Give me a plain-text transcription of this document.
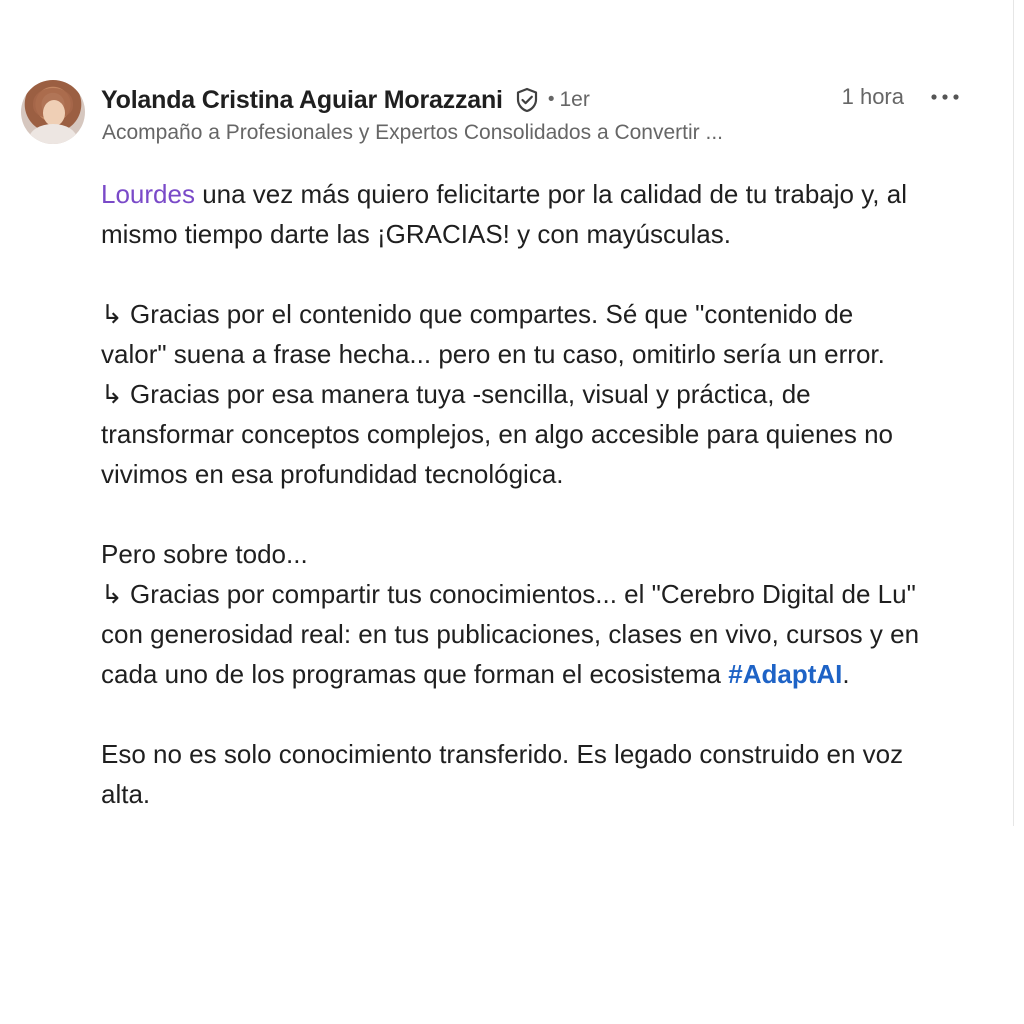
Yolanda Cristina Aguiar Morazzani • 1er	1 hora
Acompaño a Profesionales y Expertos Consolidados a Convertir ...
Lourdes una vez más quiero felicitarte por la calidad de tu trabajo y, al
mismo tiempo darte las ¡GRACIAS! y con mayúsculas.
↳ Gracias por el contenido que compartes. Sé que "contenido de
valor" suena a frase hecha... pero en tu caso, omitirlo sería un error.
↳ Gracias por esa manera tuya -sencilla, visual y práctica, de
transformar conceptos complejos, en algo accesible para quienes no
vivimos en esa profundidad tecnológica.
Pero sobre todo...
↳ Gracias por compartir tus conocimientos... el "Cerebro Digital de Lu"
con generosidad real: en tus publicaciones, clases en vivo, cursos y en
cada uno de los programas que forman el ecosistema #AdaptAI.
Eso no es solo conocimiento transferido. Es legado construido en voz
alta.
